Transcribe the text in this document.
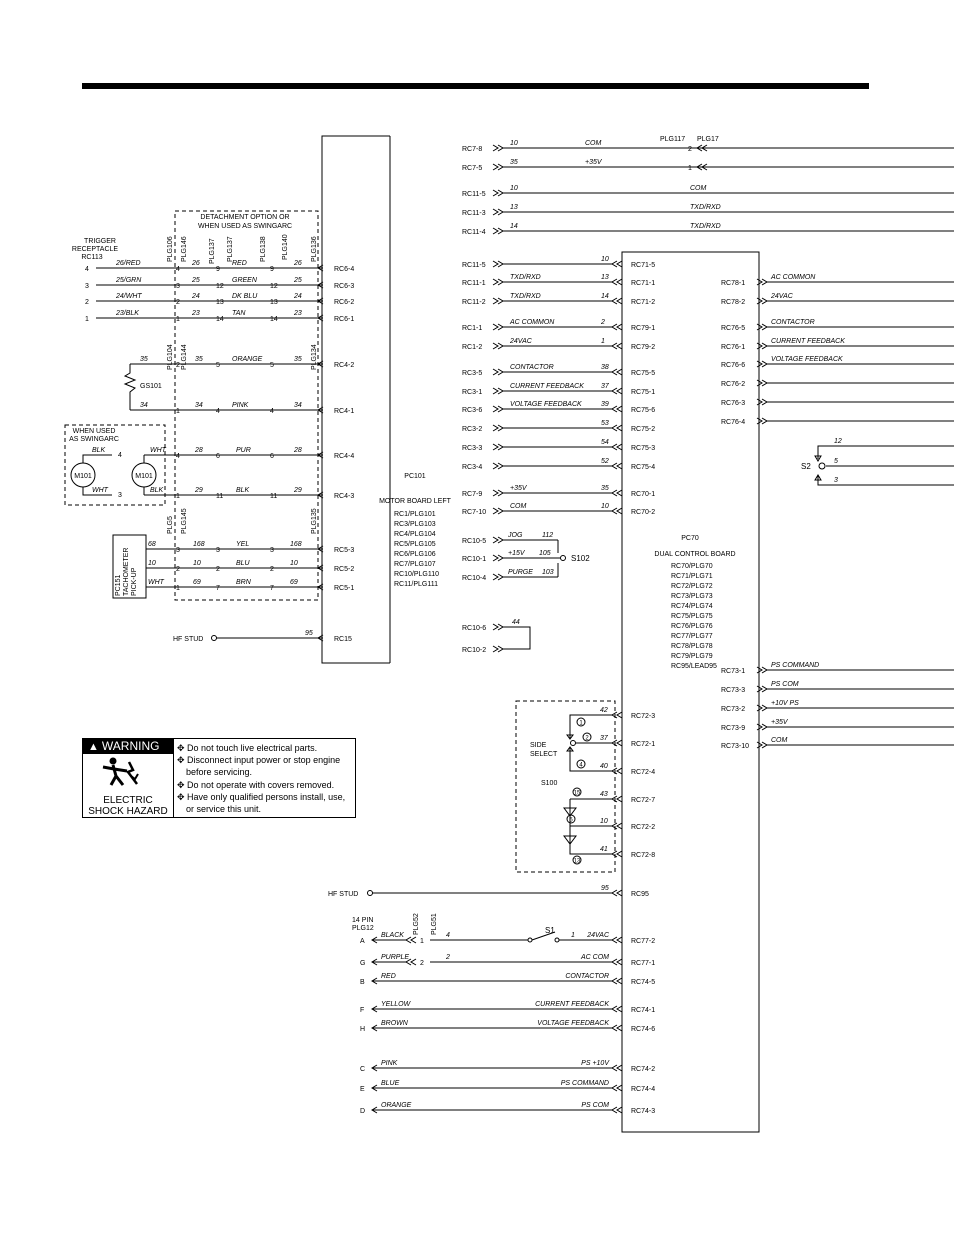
PC101
MOTOR BOARD LEFT
RC1/PLG101
RC3/PLG103
RC4/PLG104
RC5/PLG105
RC6/PLG106
RC7/PLG107
RC10/PLG110
RC11/PLG111
PC70
DUAL CONTROL BOARD
RC70/PLG70
RC71/PLG71
RC72/PLG72
RC73/PLG73
RC74/PLG74
RC75/PLG75
RC76/PLG76
RC77/PLG77
RC78/PLG78
RC79/PLG79
RC95/LEAD95
DETACHMENT OPTION OR
WHEN USED AS SWINGARC
TRIGGER
RECEPTACLE
RC113	PLG106 PLG146	PLG137 PLG137	PLG138 PLG140	PLG136
PLG104 PLG144	PLG134
PLG5 PLG145	PLG135
PLG52 PLG51
4
26/RED
4
26
9
RED
9
26
RC6-4
3
25/GRN
3
25
12
GREEN
12
25
RC6-3
2
24/WHT
2
24
13
DK BLU
13
24
RC6-2
1
23/BLK
1
23
14
TAN
14
23
RC6-1
35
2
35
5
ORANGE
5
35
RC4-2
34
1
34
4
PINK
4
34
RC4-1
GS101
WHEN USED
AS SWINGARC
M101	M101
WHT
4
28
6
PUR
6
28
RC4-4
4
BLK
BLK
1
29
11
BLK
11
29
RC4-3
3
WHT
PC151 TACHOMETER PICK-UP
68
3
168
3
YEL
3
168
RC5-3
10
2
10
2
BLU
2
10
RC5-2
WHT
1
69
7
BRN
7
69
RC5-1
HF STUD
95
RC15
RC7-8
10	COM
2
RC7-5
35	+35V
1
RC11-5
10	COM
RC11-3
13	TXD/RXD
RC11-4
14	TXD/RXD
PLG117 PLG17
RC11-5
10
RC71-5
RC11-1
13
TXD/RXD
RC71-1
RC11-2
14
TXD/RXD
RC71-2
RC1-1
2
AC COMMON
RC79-1
RC1-2
1
24VAC
RC79-2
RC3-5
38
CONTACTOR
RC75-5
RC3-1
37
CURRENT FEEDBACK
RC75-1
RC3-6
39
VOLTAGE FEEDBACK
RC75-6
RC3-2
53
RC75-2
RC3-3
54
RC75-3
RC3-4
52
RC75-4
RC7-9
35
+35V
RC70-1
RC7-10
10
COM
RC70-2
RC10-5
JOG	112
RC10-1
+15V 105
RC10-4
PURGE 103
S102
RC10-6
RC10-2
44
RC78-1
AC COMMON
RC78-2
24VAC
RC76-5
CONTACTOR
RC76-1
CURRENT FEEDBACK
RC76-6
VOLTAGE FEEDBACK
RC76-2
RC76-3
RC76-4
12
5
3
S2
RC73-1
PS COMMAND
RC73-3
PS COM
RC73-2
+10V PS
RC73-9
+35V
RC73-10
COM
SIDE
SELECT
S100
42
RC72-3
37
RC72-1
40
RC72-4
43
RC72-7
10
RC72-2
41
RC72-8
1
2
4
15
5
13
HF STUD
95
RC95
14 PIN
PLG12
A
BLACK	24VAC
RC77-2
1
4	1
G
PURPLE	AC COM
RC77-1
2
2
B
RED	CONTACTOR
RC74-5
F
YELLOW	CURRENT FEEDBACK
RC74-1
H
BROWN	VOLTAGE FEEDBACK
RC74-6
C
PINK	PS +10V
RC74-2
E
BLUE	PS COMMAND
RC74-4
D
ORANGE	PS COM
RC74-3
S1
▲ WARNING
ELECTRIC
SHOCK HAZARD
✥ Do not touch live electrical parts.
✥ Disconnect input power or stop engine before servicing.
✥ Do not operate with covers removed.
✥ Have only qualified persons install, use, or service this unit.
